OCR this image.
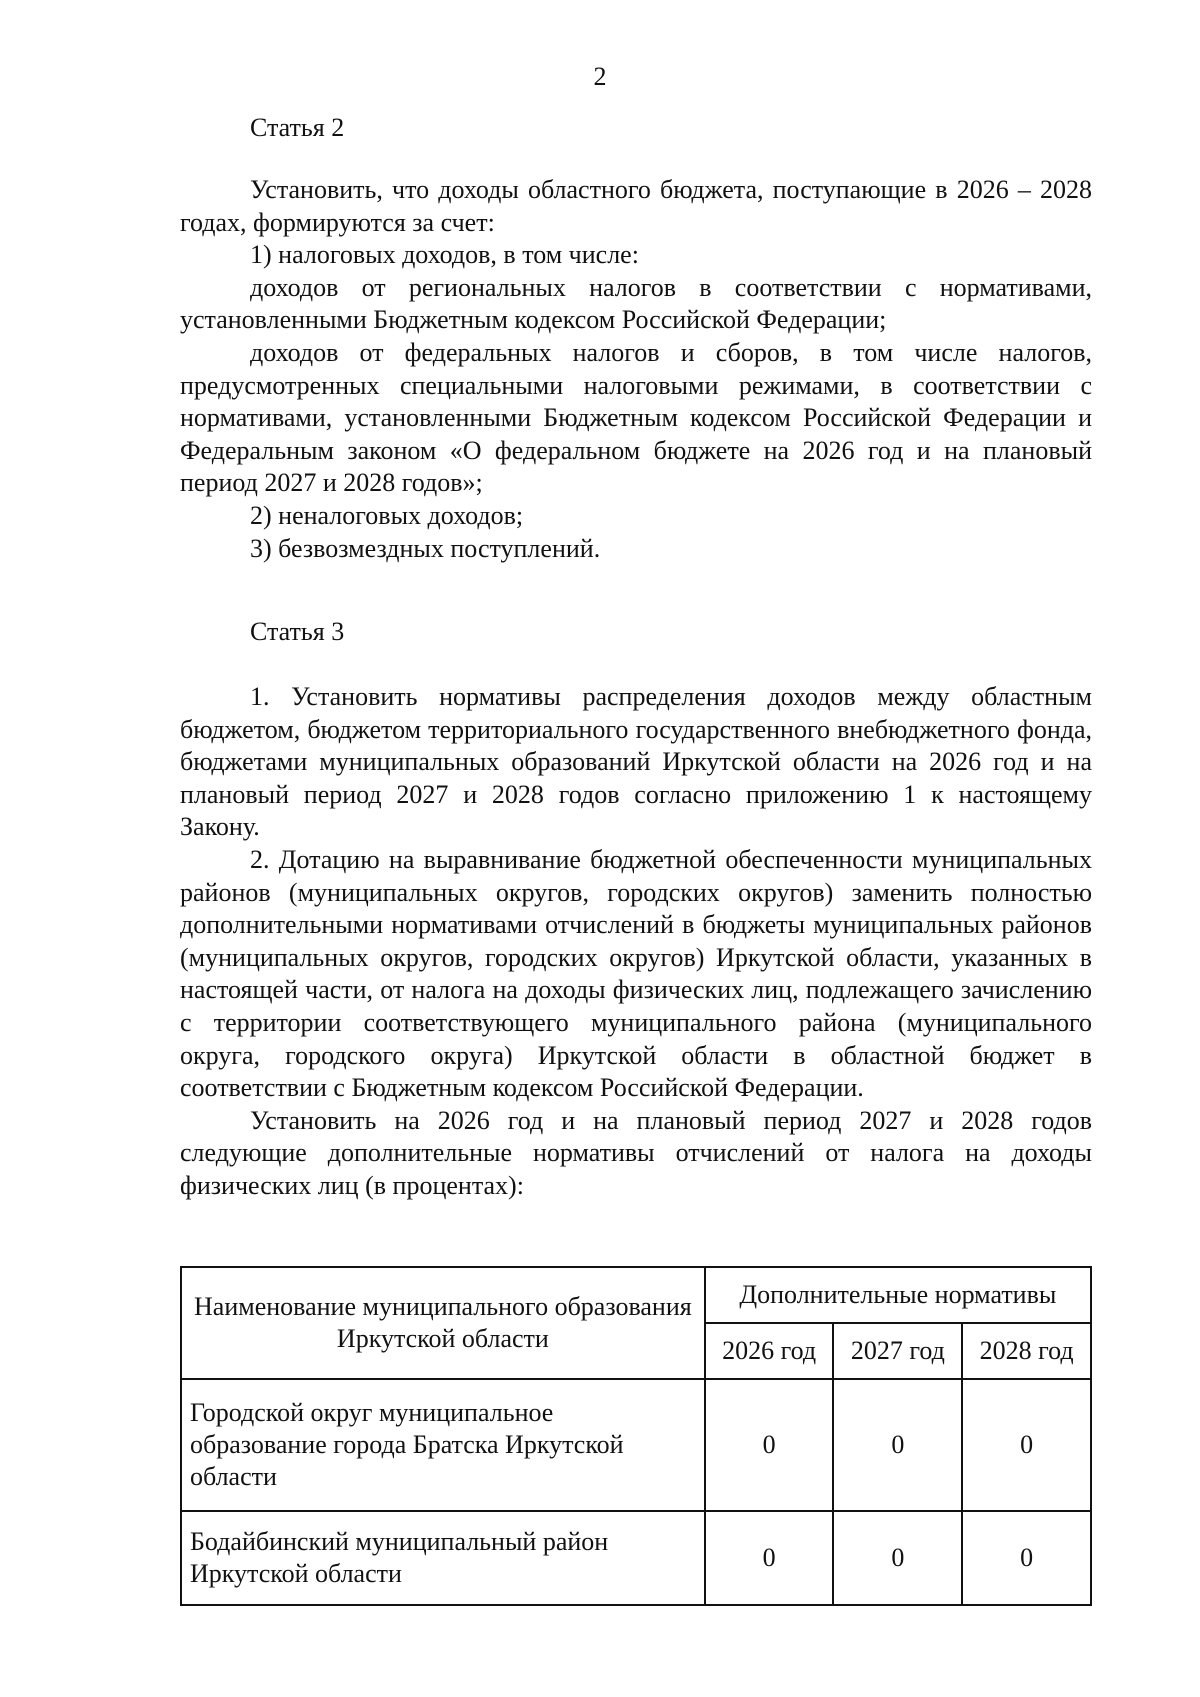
2
Статья 2

Установить, что доходы областного бюджета, поступающие в 2026 – 2028 годах, формируются за счет:

1) налоговых доходов, в том числе:

доходов от региональных налогов в соответствии с нормативами, установленными Бюджетным кодексом Российской Федерации;

доходов от федеральных налогов и сборов, в том числе налогов, предусмотренных специальными налоговыми режимами, в соответствии с нормативами, установленными Бюджетным кодексом Российской Федерации и Федеральным законом «О федеральном бюджете на 2026 год и на плановый период 2027 и 2028 годов»;

2) неналоговых доходов;

3) безвозмездных поступлений.

Статья 3

1. Установить нормативы распределения доходов между областным бюджетом, бюджетом территориального государственного внебюджетного фонда, бюджетами муниципальных образований Иркутской области на 2026 год и на плановый период 2027 и 2028 годов согласно приложению 1 к настоящему Закону.

2. Дотацию на выравнивание бюджетной обеспеченности муниципальных районов (муниципальных округов, городских округов) заменить полностью дополнительными нормативами отчислений в бюджеты муниципальных районов (муниципальных округов, городских округов) Иркутской области, указанных в настоящей части, от налога на доходы физических лиц, подлежащего зачислению с территории соответствующего муниципального района (муниципального округа, городского округа) Иркутской области в областной бюджет в соответствии с Бюджетным кодексом Российской Федерации.

Установить на 2026 год и на плановый период 2027 и 2028 годов следующие дополнительные нормативы отчислений от налога на доходы физических лиц (в процентах):

Наименование муниципального образования Иркутской области	Дополнительные нормативы		
	2026 год	2027 год	2028 год
Городской округ муниципальное образование города Братска Иркутской области	0	0	0
Бодайбинский муниципальный район Иркутской области	0	0	0
